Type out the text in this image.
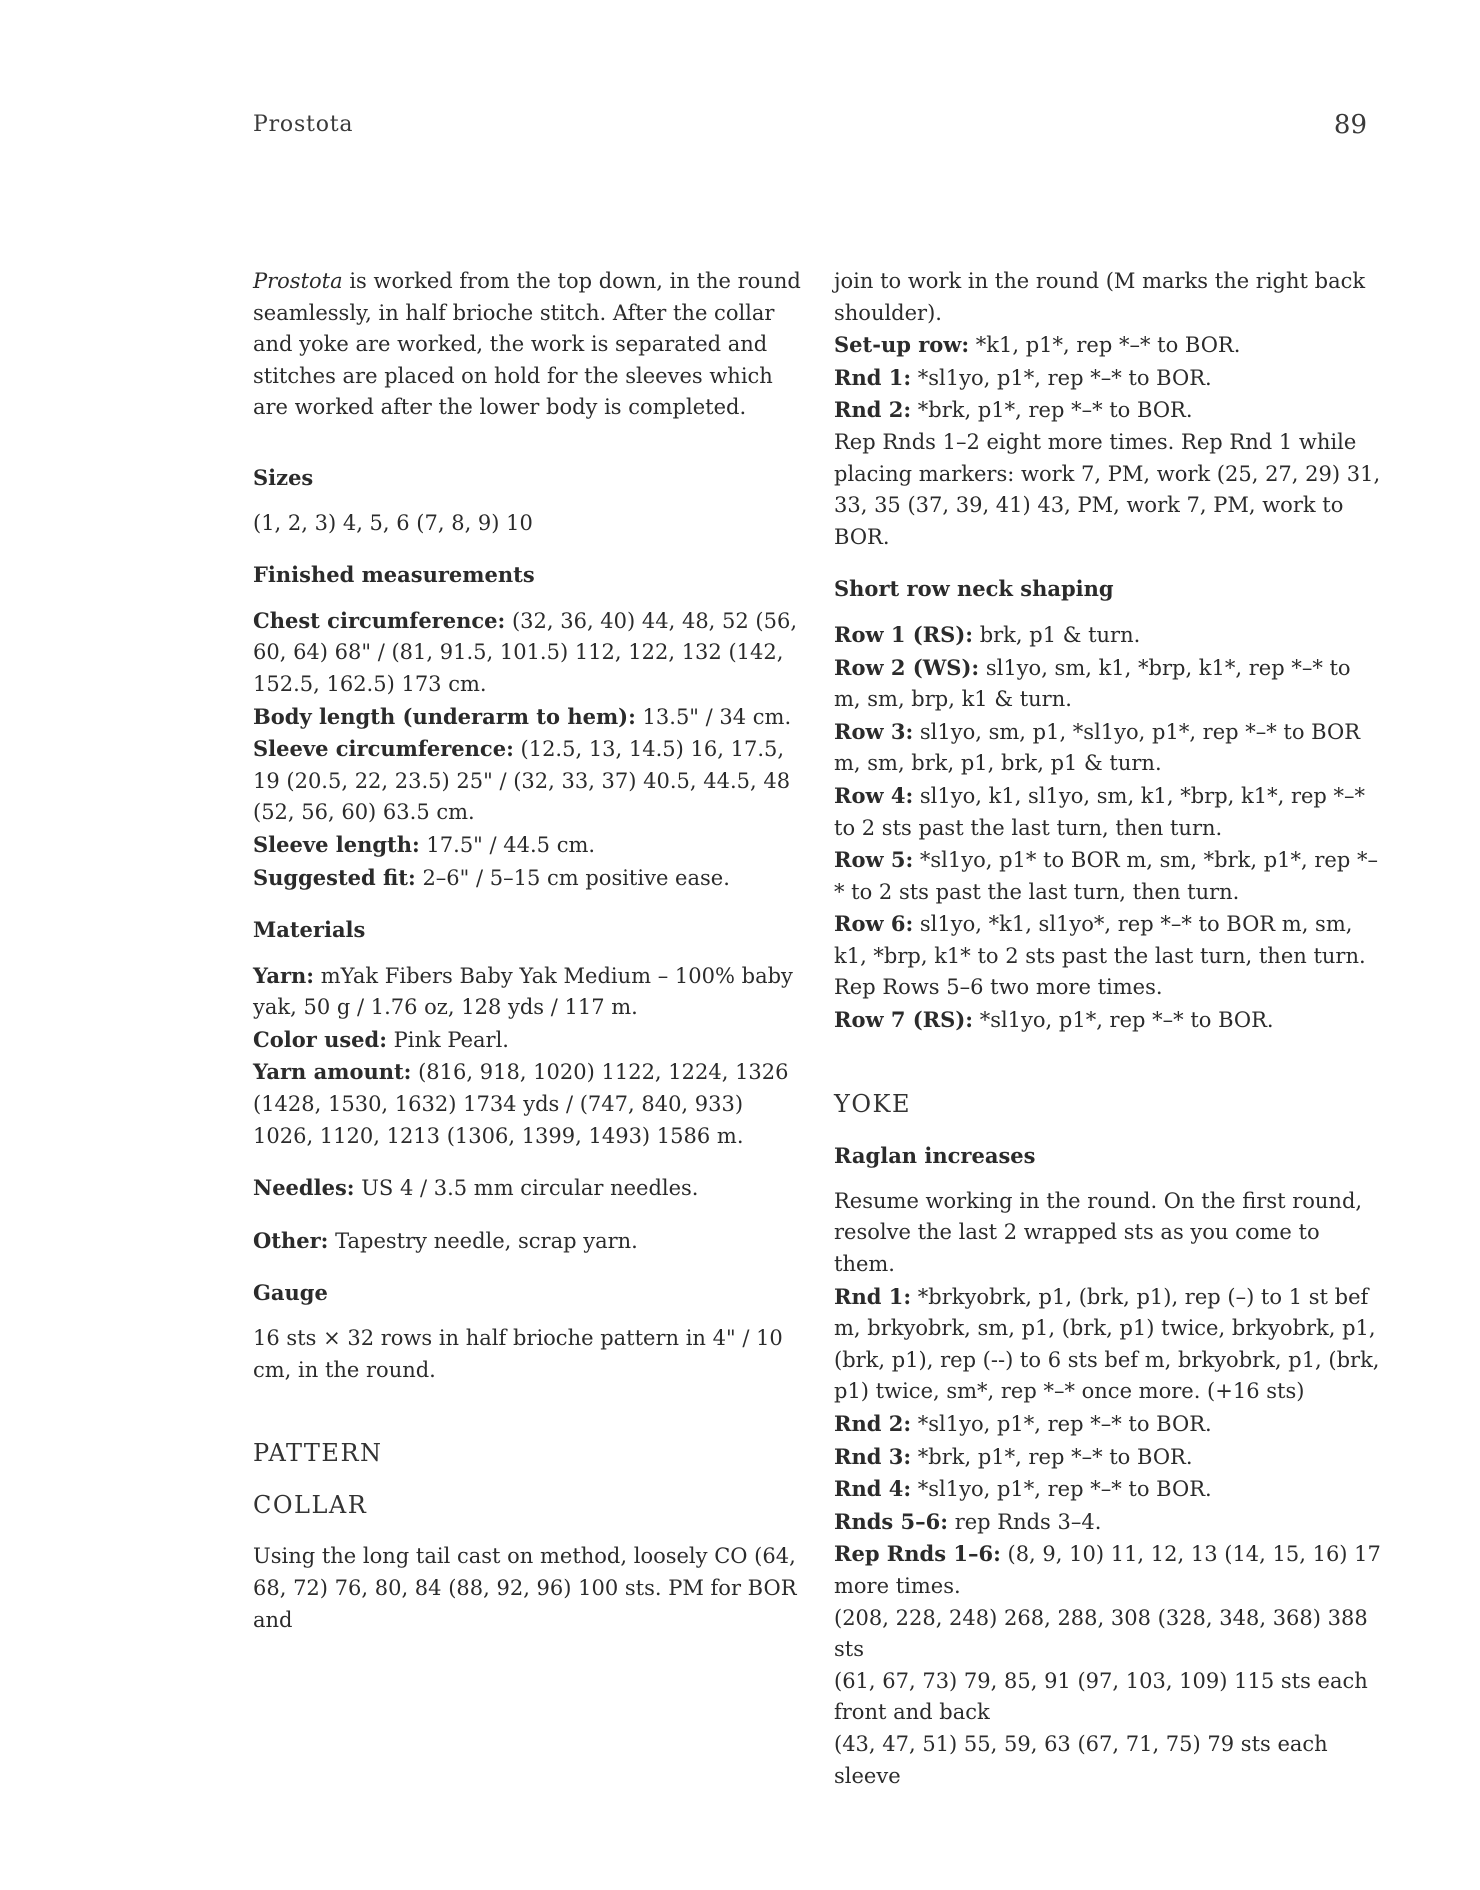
Prostota	89

Prostota is worked from the top down, in the round seamlessly, in half brioche stitch. After the collar and yoke are worked, the work is separated and stitches are placed on hold for the sleeves which are worked after the lower body is completed.

Sizes

(1, 2, 3) 4, 5, 6 (7, 8, 9) 10

Finished measurements

Chest circumference: (32, 36, 40) 44, 48, 52 (56, 60, 64) 68" / (81, 91.5, 101.5) 112, 122, 132 (142, 152.5, 162.5) 173 cm.

Body length (underarm to hem): 13.5" / 34 cm.

Sleeve circumference: (12.5, 13, 14.5) 16, 17.5, 19 (20.5, 22, 23.5) 25" / (32, 33, 37) 40.5, 44.5, 48 (52, 56, 60) 63.5 cm.

Sleeve length: 17.5" / 44.5 cm.

Suggested fit: 2–6" / 5–15 cm positive ease.

Materials

Yarn: mYak Fibers Baby Yak Medium – 100% baby yak, 50 g / 1.76 oz, 128 yds / 117 m.

Color used: Pink Pearl.

Yarn amount: (816, 918, 1020) 1122, 1224, 1326 (1428, 1530, 1632) 1734 yds / (747, 840, 933) 1026, 1120, 1213 (1306, 1399, 1493) 1586 m.

Needles: US 4 / 3.5 mm circular needles.

Other: Tapestry needle, scrap yarn.

Gauge

16 sts × 32 rows in half brioche pattern in 4" / 10 cm, in the round.

PATTERN

COLLAR

Using the long tail cast on method, loosely CO (64, 68, 72) 76, 80, 84 (88, 92, 96) 100 sts. PM for BOR and

join to work in the round (M marks the right back shoulder).

Set-up row: *k1, p1*, rep *–* to BOR.

Rnd 1: *sl1yo, p1*, rep *–* to BOR.

Rnd 2: *brk, p1*, rep *–* to BOR.

Rep Rnds 1–2 eight more times. Rep Rnd 1 while placing markers: work 7, PM, work (25, 27, 29) 31, 33, 35 (37, 39, 41) 43, PM, work 7, PM, work to BOR.

Short row neck shaping

Row 1 (RS): brk, p1 & turn.

Row 2 (WS): sl1yo, sm, k1, *brp, k1*, rep *–* to m, sm, brp, k1 & turn.

Row 3: sl1yo, sm, p1, *sl1yo, p1*, rep *–* to BOR m, sm, brk, p1, brk, p1 & turn.

Row 4: sl1yo, k1, sl1yo, sm, k1, *brp, k1*, rep *–* to 2 sts past the last turn, then turn.

Row 5: *sl1yo, p1* to BOR m, sm, *brk, p1*, rep *–* to 2 sts past the last turn, then turn.

Row 6: sl1yo, *k1, sl1yo*, rep *–* to BOR m, sm, k1, *brp, k1* to 2 sts past the last turn, then turn.

Rep Rows 5–6 two more times.

Row 7 (RS): *sl1yo, p1*, rep *–* to BOR.

YOKE

Raglan increases

Resume working in the round. On the first round, resolve the last 2 wrapped sts as you come to them.

Rnd 1: *brkyobrk, p1, (brk, p1), rep (–) to 1 st bef m, brkyobrk, sm, p1, (brk, p1) twice, brkyobrk, p1, (brk, p1), rep (--) to 6 sts bef m, brkyobrk, p1, (brk, p1) twice, sm*, rep *–* once more. (+16 sts)

Rnd 2: *sl1yo, p1*, rep *–* to BOR.

Rnd 3: *brk, p1*, rep *–* to BOR.

Rnd 4: *sl1yo, p1*, rep *–* to BOR.

Rnds 5–6: rep Rnds 3–4.

Rep Rnds 1–6: (8, 9, 10) 11, 12, 13 (14, 15, 16) 17 more times.

(208, 228, 248) 268, 288, 308 (328, 348, 368) 388 sts

(61, 67, 73) 79, 85, 91 (97, 103, 109) 115 sts each front and back

(43, 47, 51) 55, 59, 63 (67, 71, 75) 79 sts each sleeve
